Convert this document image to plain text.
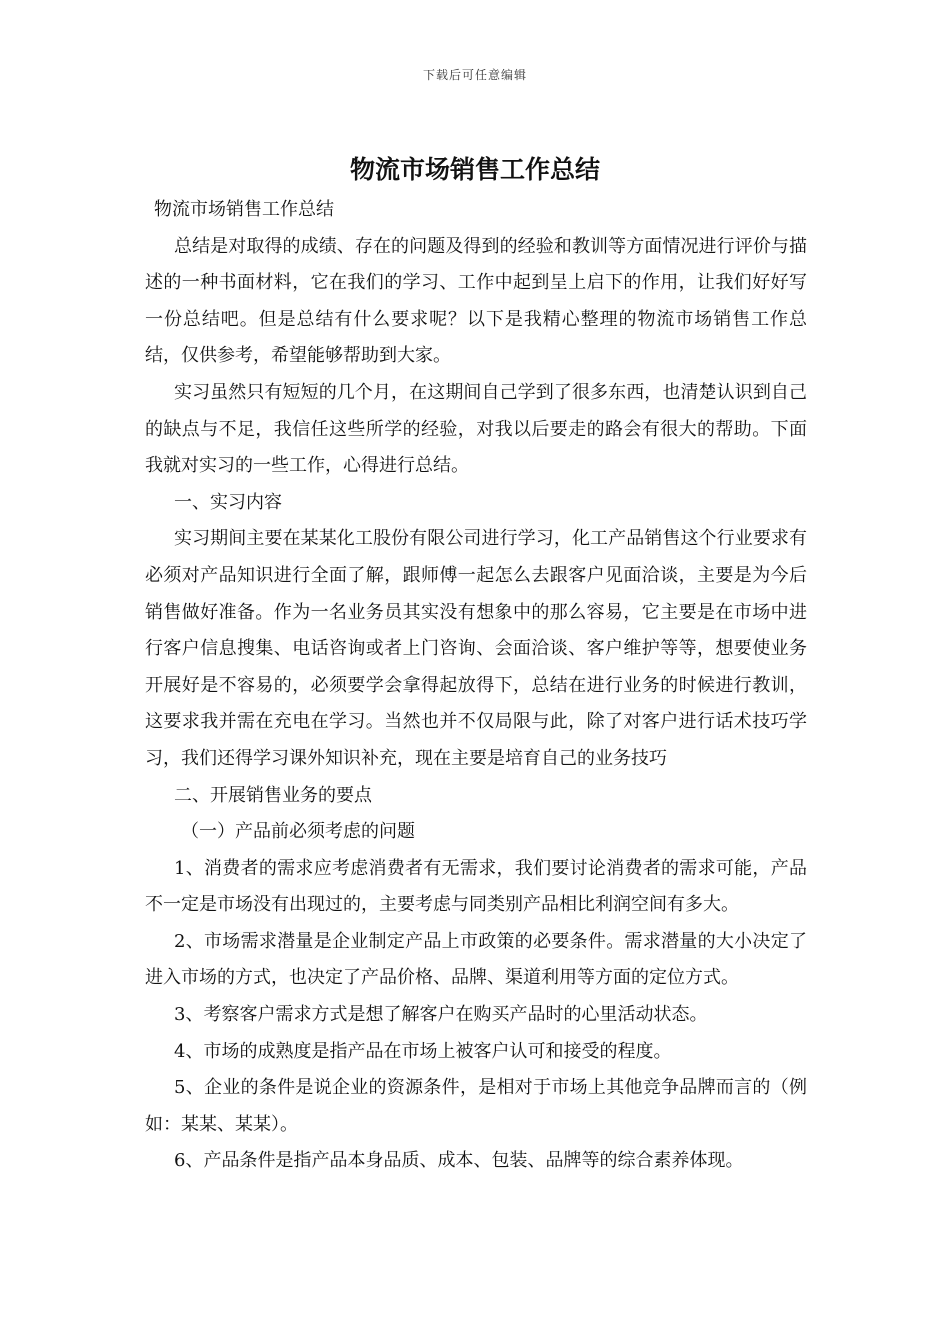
下载后可任意编辑
物流市场销售工作总结

物流市场销售工作总结

总结是对取得的成绩、存在的问题及得到的经验和教训等方面情况进行评价与描述的一种书面材料，它在我们的学习、工作中起到呈上启下的作用，让我们好好写一份总结吧。但是总结有什么要求呢？以下是我精心整理的物流市场销售工作总结，仅供参考，希望能够帮助到大家。

实习虽然只有短短的几个月，在这期间自己学到了很多东西，也清楚认识到自己的缺点与不足，我信任这些所学的经验，对我以后要走的路会有很大的帮助。下面我就对实习的一些工作，心得进行总结。

一、实习内容

实习期间主要在某某化工股份有限公司进行学习，化工产品销售这个行业要求有必须对产品知识进行全面了解，跟师傅一起怎么去跟客户见面洽谈，主要是为今后销售做好准备。作为一名业务员其实没有想象中的那么容易，它主要是在市场中进行客户信息搜集、电话咨询或者上门咨询、会面洽谈、客户维护等等，想要使业务开展好是不容易的，必须要学会拿得起放得下，总结在进行业务的时候进行教训，这要求我并需在充电在学习。当然也并不仅局限与此，除了对客户进行话术技巧学习，我们还得学习课外知识补充，现在主要是培育自己的业务技巧

二、开展销售业务的要点

（一）产品前必须考虑的问题

1、消费者的需求应考虑消费者有无需求，我们要讨论消费者的需求可能，产品不一定是市场没有出现过的，主要考虑与同类别产品相比利润空间有多大。

2、市场需求潜量是企业制定产品上市政策的必要条件。需求潜量的大小决定了进入市场的方式，也决定了产品价格、品牌、渠道利用等方面的定位方式。

3、考察客户需求方式是想了解客户在购买产品时的心里活动状态。

4、市场的成熟度是指产品在市场上被客户认可和接受的程度。

5、企业的条件是说企业的资源条件，是相对于市场上其他竞争品牌而言的（例如：某某、某某）。

6、产品条件是指产品本身品质、成本、包装、品牌等的综合素养体现。
